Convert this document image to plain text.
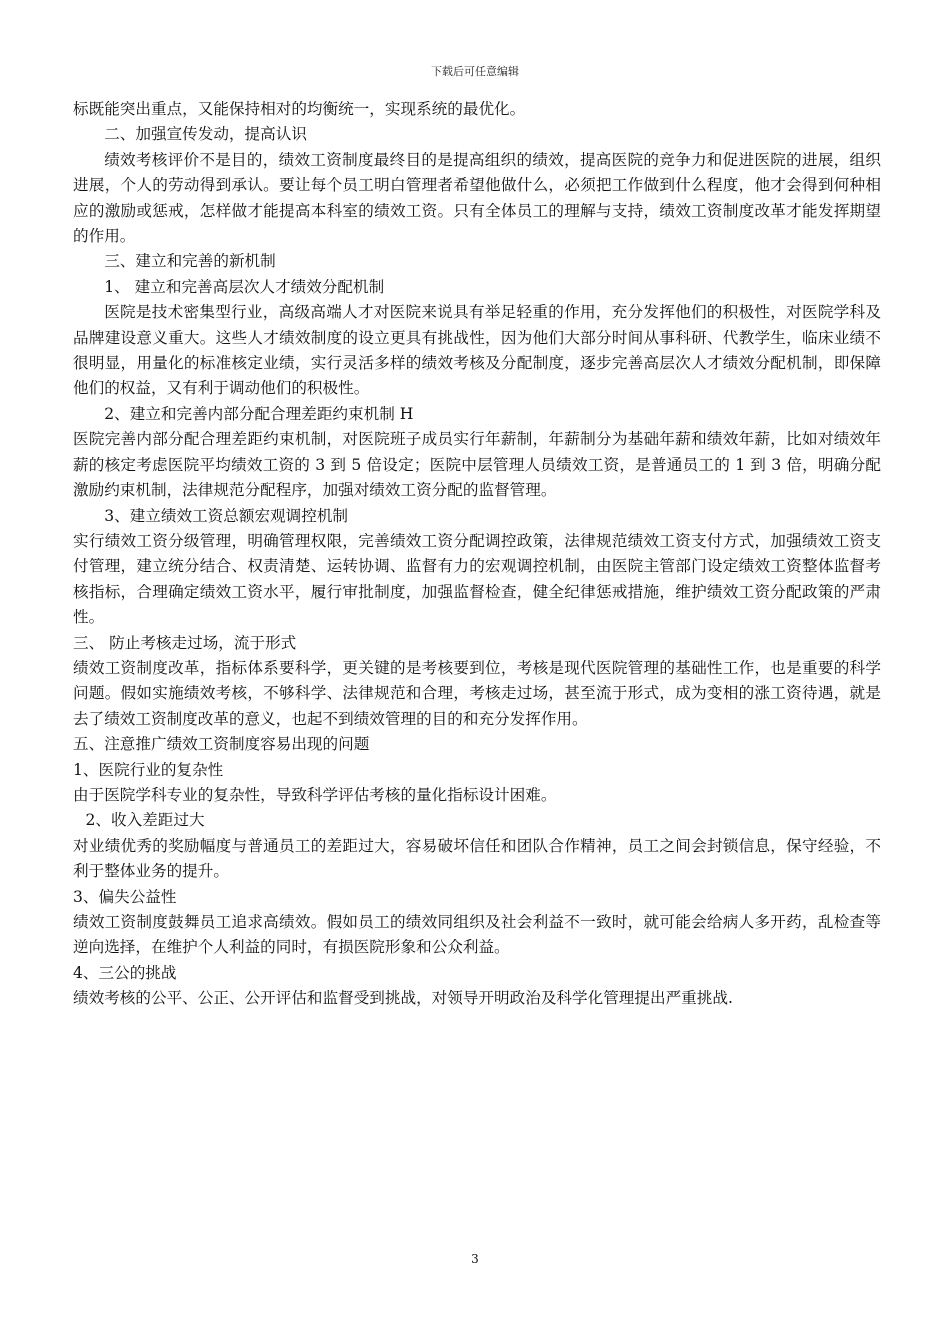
下载后可任意编辑

标既能突出重点，又能保持相对的均衡统一，实现系统的最优化。

二、加强宣传发动，提高认识

绩效考核评价不是目的，绩效工资制度最终目的是提高组织的绩效，提高医院的竞争力和促进医院的进展，组织进展，个人的劳动得到承认。要让每个员工明白管理者希望他做什么，必须把工作做到什么程度，他才会得到何种相应的激励或惩戒，怎样做才能提高本科室的绩效工资。只有全体员工的理解与支持，绩效工资制度改革才能发挥期望的作用。

三、建立和完善的新机制

1、 建立和完善高层次人才绩效分配机制

医院是技术密集型行业，高级高端人才对医院来说具有举足轻重的作用，充分发挥他们的积极性，对医院学科及品牌建设意义重大。这些人才绩效制度的设立更具有挑战性，因为他们大部分时间从事科研、代教学生，临床业绩不很明显，用量化的标准核定业绩，实行灵活多样的绩效考核及分配制度，逐步完善高层次人才绩效分配机制，即保障他们的权益，又有利于调动他们的积极性。

2、建立和完善内部分配合理差距约束机制 H

医院完善内部分配合理差距约束机制，对医院班子成员实行年薪制，年薪制分为基础年薪和绩效年薪，比如对绩效年薪的核定考虑医院平均绩效工资的 3 到 5 倍设定；医院中层管理人员绩效工资，是普通员工的 1 到 3 倍，明确分配激励约束机制，法律规范分配程序，加强对绩效工资分配的监督管理。

3、建立绩效工资总额宏观调控机制

实行绩效工资分级管理，明确管理权限，完善绩效工资分配调控政策，法律规范绩效工资支付方式，加强绩效工资支付管理，建立统分结合、权责清楚、运转协调、监督有力的宏观调控机制，由医院主管部门设定绩效工资整体监督考核指标，合理确定绩效工资水平，履行审批制度，加强监督检查，健全纪律惩戒措施，维护绩效工资分配政策的严肃性。

三、 防止考核走过场，流于形式

绩效工资制度改革，指标体系要科学，更关键的是考核要到位，考核是现代医院管理的基础性工作，也是重要的科学问题。假如实施绩效考核，不够科学、法律规范和合理，考核走过场，甚至流于形式，成为变相的涨工资待遇，就是去了绩效工资制度改革的意义，也起不到绩效管理的目的和充分发挥作用。

五、注意推广绩效工资制度容易出现的问题

1、医院行业的复杂性

由于医院学科专业的复杂性，导致科学评估考核的量化指标设计困难。

2、收入差距过大

对业绩优秀的奖励幅度与普通员工的差距过大，容易破坏信任和团队合作精神，员工之间会封锁信息，保守经验，不利于整体业务的提升。

3、偏失公益性

绩效工资制度鼓舞员工追求高绩效。假如员工的绩效同组织及社会利益不一致时，就可能会给病人多开药，乱检查等逆向选择，在维护个人利益的同时，有损医院形象和公众利益。

4、三公的挑战

绩效考核的公平、公正、公开评估和监督受到挑战，对领导开明政治及科学化管理提出严重挑战.

3
